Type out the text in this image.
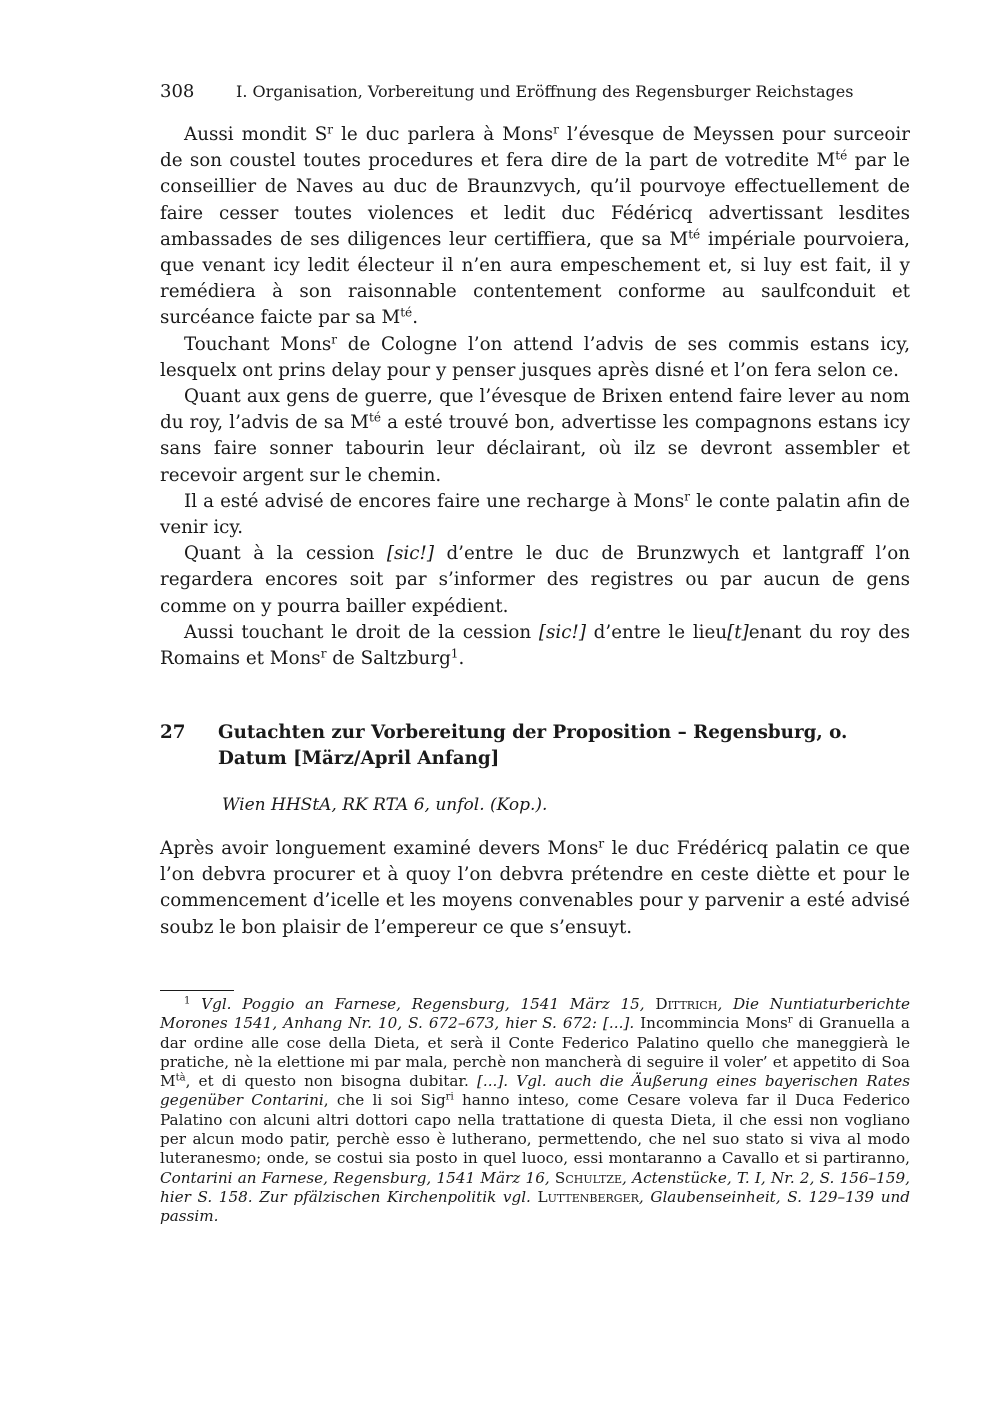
308	I. Organisation, Vorbereitung und Eröffnung des Regensburger Reichstages

Aussi mondit $S^r$ le duc parlera à Mons$^r$ l’évesque de Meyssen pour surceoir de son coustel toutes procedures et fera dire de la part de votredite $M^{té}$ par le conseillier de Naves au duc de Braunzvych, qu’il pourvoye effectuellement de faire cesser toutes violences et ledit duc Fédéricq advertissant lesdites ambassades de ses diligences leur certiffiera, que sa $M^{té}$ impériale pourvoiera, que venant icy ledit électeur il n’en aura empeschement et, si luy est fait, il y remédiera à son raisonnable contentement conforme au saulfconduit et surcéance faicte par sa $M^{té}$.

Touchant Mons$^r$ de Cologne l’on attend l’advis de ses commis estans icy, lesquelx ont prins delay pour y penser jusques après disné et l’on fera selon ce.

Quant aux gens de guerre, que l’évesque de Brixen entend faire lever au nom du roy, l’advis de sa $M^{té}$ a esté trouvé bon, advertisse les compagnons estans icy sans faire sonner tabourin leur déclairant, où ilz se devront assembler et recevoir argent sur le chemin.

Il a esté advisé de encores faire une recharge à Mons$^r$ le conte palatin afin de venir icy.

Quant à la cession [sic!] d’entre le duc de Brunzwych et lantgraff l’on regardera encores soit par s’informer des registres ou par aucun de gens comme on y pourra bailler expédient.

Aussi touchant le droit de la cession [sic!] d’entre le lieu[t]enant du roy des Romains et Mons$^r$ de Saltzburg$^1$.

27 Gutachten zur Vorbereitung der Proposition – Regensburg, o. Datum [März/April Anfang]
Wien HHStA, RK RTA 6, unfol. (Kop.).

Après avoir longuement examiné devers Mons$^r$ le duc Frédéricq palatin ce que l’on debvra procurer et à quoy l’on debvra prétendre en ceste diètte et pour le commencement d’icelle et les moyens convenables pour y parvenir a esté advisé soubz le bon plaisir de l’empereur ce que s’ensuyt.

$^1$ Vgl. Poggio an Farnese, Regensburg, 1541 März 15, Dittrich, Die Nuntiaturberichte Morones 1541, Anhang Nr. 10, S. 672–673, hier S. 672: [...]. Incommincia Mons$^r$ di Granuella a dar ordine alle cose della Dieta, et serà il Conte Federico Palatino quello che maneggierà le pratiche, nè la elettione mi par mala, perchè non mancherà di seguire il voler’ et appetito di Soa $M^{tà}$, et di questo non bisogna dubitar. [...]. Vgl. auch die Äußerung eines bayerischen Rates gegenüber Contarini, che li soi Sig$^{ri}$ hanno inteso, come Cesare voleva far il Duca Federico Palatino con alcuni altri dottori capo nella trattatione di questa Dieta, il che essi non vogliano per alcun modo patir, perchè esso è lutherano, permettendo, che nel suo stato si viva al modo luteranesmo; onde, se costui sia posto in quel luoco, essi montaranno a Cavallo et si partiranno, Contarini an Farnese, Regensburg, 1541 März 16, Schultze, Actenstücke, T. I, Nr. 2, S. 156–159, hier S. 158. Zur pfälzischen Kirchenpolitik vgl. Luttenberger, Glaubenseinheit, S. 129–139 und passim.
